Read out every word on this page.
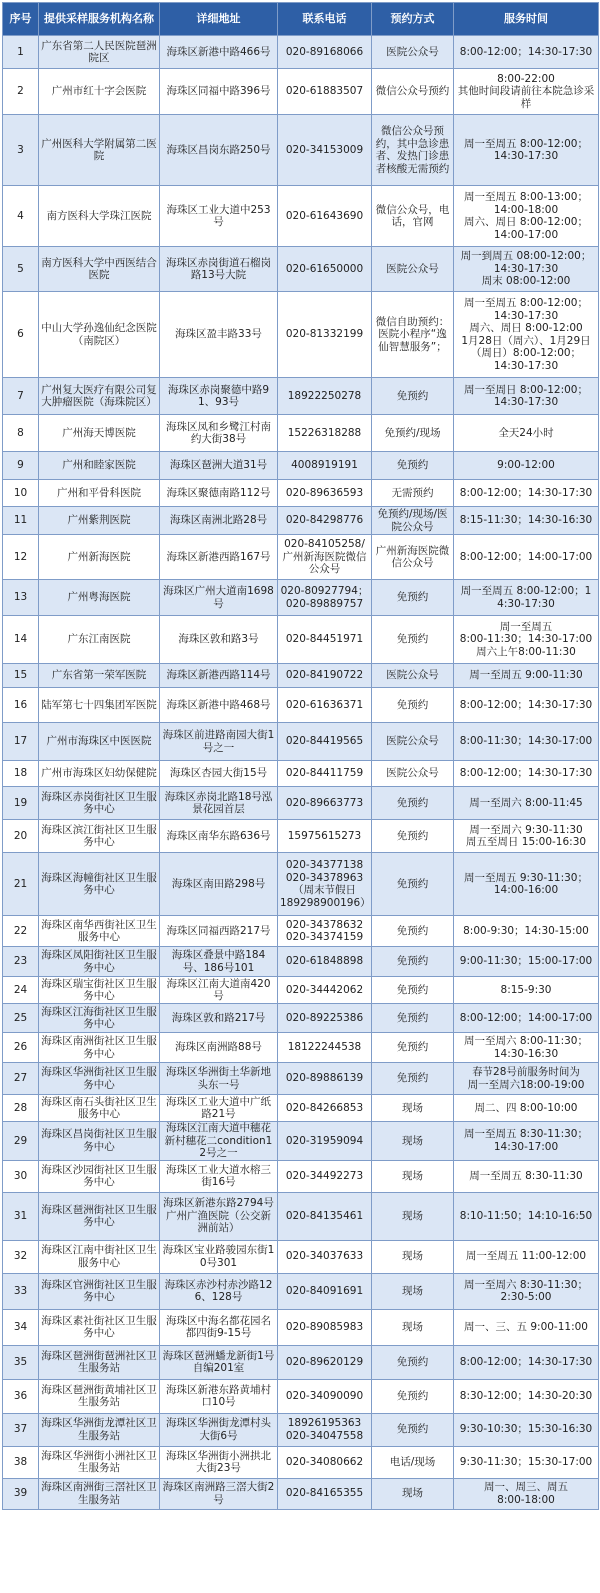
序号	提供采样服务机构名称	详细地址	联系电话	预约方式	服务时间
1	广东省第二人民医院琶洲院区	海珠区新港中路466号	020-89168066	医院公众号	8:00-12:00；14:30-17:30
2	广州市红十字会医院	海珠区同福中路396号	020-61883507	微信公众号预约	8:00-22:00
其他时间段请前往本院急诊采样
3	广州医科大学附属第二医院	海珠区昌岗东路250号	020-34153009	微信公众号预约，其中急诊患者、发热门诊患者核酸无需预约	周一至周五 8:00-12:00；
14:30-17:30
4	南方医科大学珠江医院	海珠区工业大道中253号	020-61643690	微信公众号，电话，官网	周一至周五 8:00-13:00；
14:00-18:00
周六、周日 8:00-12:00；
14:00-17:00
5	南方医科大学中西医结合医院	海珠区赤岗街道石榴岗路13号大院	020-61650000	医院公众号	周一到周五 08:00-12:00；
14:30-17:30
周末 08:00-12:00
6	中山大学孙逸仙纪念医院（南院区）	海珠区盈丰路33号	020-81332199	微信自助预约：医院小程序“逸仙智慧服务”；	周一至周五 8:00-12:00；
14:30-17:30
周六、周日 8:00-12:00
1月28日（周六）、1月29日（周日）8:00-12:00；
14:30-17:30
7	广州复大医疗有限公司复大肿瘤医院（海珠院区）	海珠区赤岗聚德中路91、93号	18922250278	免预约	周一至周日 8:00-12:00；
14:30-17:30
8	广州海天博医院	海珠区凤和乡鹭江村南约大街38号	15226318288	免预约/现场	全天24小时
9	广州和睦家医院	海珠区琶洲大道31号	4008919191	免预约	9:00-12:00
10	广州和平骨科医院	海珠区聚德南路112号	020-89636593	无需预约	8:00-12:00；14:30-17:30
11	广州紫荆医院	海珠区南洲北路28号	020-84298776	免预约/现场/医院公众号	8:15-11:30；14:30-16:30
12	广州新海医院	海珠区新港西路167号	020-84105258/广州新海医院微信公众号	广州新海医院微信公众号	8:00-12:00；14:00-17:00
13	广州粤海医院	海珠区广州大道南1698号	020-80927794；020-89889757	免预约	周一至周五 8:00-12:00；14:30-17:30
14	广东江南医院	海珠区敦和路3号	020-84451971	免预约	周一至周五
8:00-11:30；14:30-17:00
周六上午8:00-11:30
15	广东省第一荣军医院	海珠区新港西路114号	020-84190722	医院公众号	周一至周五 9:00-11:30
16	陆军第七十四集团军医院	海珠区新港中路468号	020-61636371	免预约	8:00-12:00；14:30-17:30
17	广州市海珠区中医医院	海珠区前进路南园大街1号之一	020-84419565	医院公众号	8:00-11:30；14:30-17:00
18	广州市海珠区妇幼保健院	海珠区杏园大街15号	020-84411759	医院公众号	8:00-12:00；14:30-17:30
19	海珠区赤岗街社区卫生服务中心	海珠区赤岗北路18号泓景花园首层	020-89663773	免预约	周一至周六 8:00-11:45
20	海珠区滨江街社区卫生服务中心	海珠区南华东路636号	15975615273	免预约	周一至周六 9:30-11:30
周五至周日 15:00-16:30
21	海珠区海幢街社区卫生服务中心	海珠区南田路298号	020-34377138
020-34378963
（周末节假日
18929890​0196）	免预约	周一至周五 9:30-11:30；
14:00-16:00
22	海珠区南华西街社区卫生服务中心	海珠区同福西路217号	020-34378632
020-34374159	免预约	8:00-9:30；14:30-15:00
23	海珠区凤阳街社区卫生服务中心	海珠区叠景中路184号、186号101	020-61848898	免预约	9:00-11:30；15:00-17:00
24	海珠区瑞宝街社区卫生服务中心	海珠区江南大道南420号	020-34442062	免预约	8:15-9:30
25	海珠区江海街社区卫生服务中心	海珠区敦和路217号	020-89225386	免预约	8:00-12:00；14:00-17:00
26	海珠区南洲街社区卫生服务中心	海珠区南洲路88号	18122244538	免预约	周一至周六 8:00-11:30；
14:30-16:30
27	海珠区华洲街社区卫生服务中心	海珠区华洲街土华新地头东一号	020-89886139	免预约	春节28号前服务时间为
周一至周六18:00-19:00
28	海珠区南石头街社区卫生服务中心	海珠区工业大道中广纸路21号	020-84266853	现场	周二、四 8:00-10:00
29	海珠区昌岗街社区卫生服务中心	海珠区江南大道中穗花新村穗花二condition12号之一	020-31959094	现场	周一至周五 8:30-11:30；
14:30-17:00
30	海珠区沙园街社区卫生服务中心	海珠区工业大道水榕三街16号	020-34492273	现场	周一至周五 8:30-11:30
31	海珠区琶洲街社区卫生服务中心	海珠区新港东路2794号广州广渔医院（公交新洲前站）	020-84135461	现场	8:10-11:50；14:10-16:50
32	海珠区江南中街社区卫生服务中心	海珠区宝业路骏园东街10号301	020-34037633	现场	周一至周五 11:00-12:00
33	海珠区官洲街社区卫生服务中心	海珠区赤沙村赤沙路126、128号	020-84091691	现场	周一至周六 8:30-11:30；
2:30-5:00
34	海珠区素社街社区卫生服务中心	海珠区中海名都花园名都四街9-15号	020-89085983	现场	周一、三、五 9:00-11:00
35	海珠区琶洲街琶洲社区卫生服务站	海珠区琶洲蟠龙新街1号自编201室	020-89620129	免预约	8:00-12:00；14:30-17:30
36	海珠区琶洲街黄埔社区卫生服务站	海珠区新港东路黄埔村口10号	020-34090090	免预约	8:30-12:00；14:30-20:30
37	海珠区华洲街龙潭社区卫生服务站	海珠区华洲街龙潭村头大街6号	18926195363
020-34047558	免预约	9:30-10:30；15:30-16:30
38	海珠区华洲街小洲社区卫生服务站	海珠区华洲街小洲拱北大街23号	020-34080662	电话/现场	9:30-11:30；15:30-17:00
39	海珠区南洲街三滘社区卫生服务站	海珠区南洲路三滘大街2号	020-84165355	现场	周一、周三、周五
8:00-18:00
